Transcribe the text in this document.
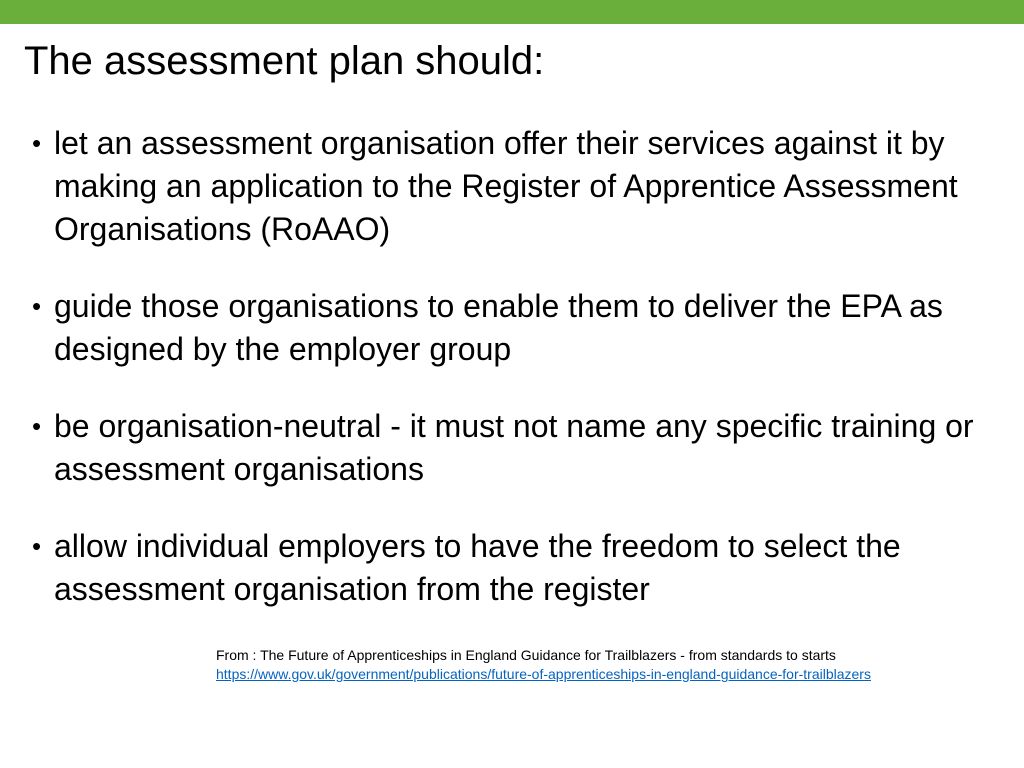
The assessment plan should:
• let an assessment organisation offer their services against it by making an application to the Register of Apprentice Assessment Organisations (RoAAO)
• guide those organisations to enable them to deliver the EPA as designed by the employer group
• be organisation-neutral - it must not name any specific training or assessment organisations
• allow individual employers to have the freedom to select the assessment organisation from the register
From : The Future of Apprenticeships in England Guidance for Trailblazers - from standards to starts
https://www.gov.uk/government/publications/future-of-apprenticeships-in-england-guidance-for-trailblazers
